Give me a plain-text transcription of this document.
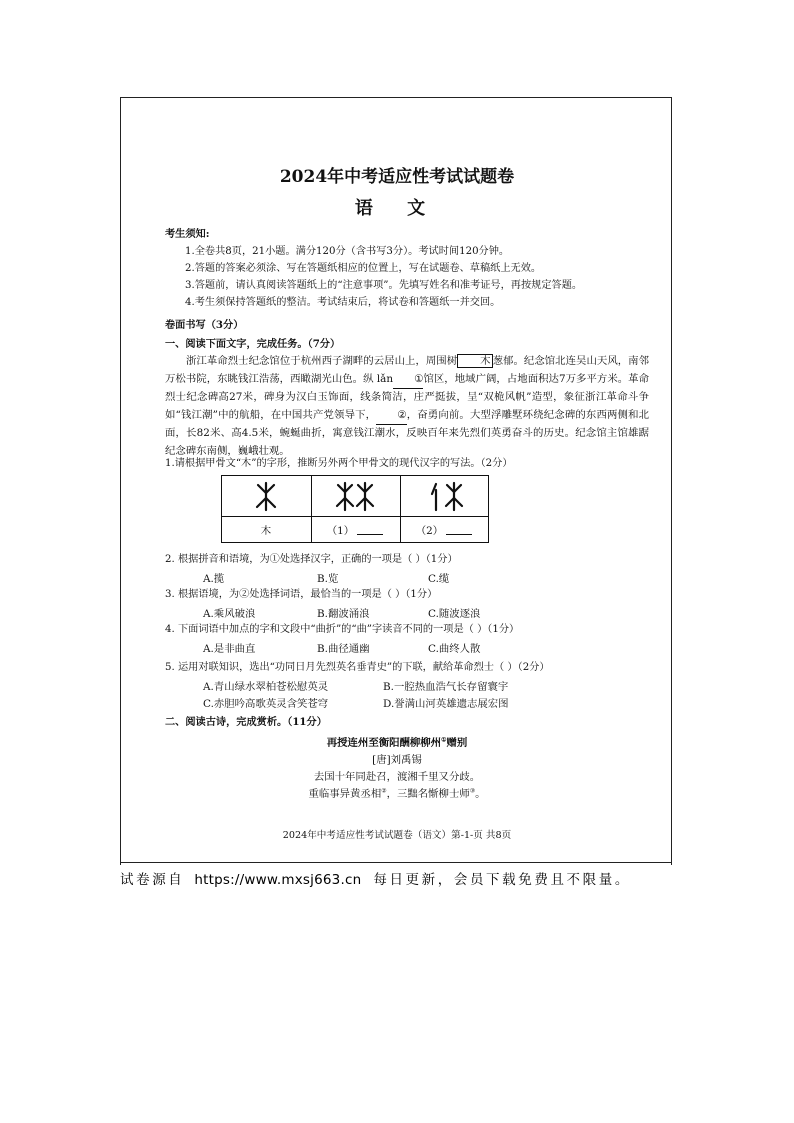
2024年中考适应性考试试题卷
语 文
考生须知:
1.全卷共8页，21小题。满分120分（含书写3分）。考试时间120分钟。
2.答题的答案必须涂、写在答题纸相应的位置上，写在试题卷、草稿纸上无效。
3.答题前，请认真阅读答题纸上的“注意事项”。先填写姓名和准考证号，再按规定答题。
4.考生须保持答题纸的整洁。考试结束后，将试卷和答题纸一并交回。
卷面书写（3分）
一、阅读下面文字，完成任务。（7分）
浙江革命烈士纪念馆位于杭州西子湖畔的云居山上，周围树 木 葱郁。纪念馆北连吴山天风，南邻万松书院，东眺钱江浩荡，西瞰湖光山色。纵 lǎn ①馆区，地域广阔，占地面积达7万多平方米。革命烈士纪念碑高27米，碑身为汉白玉饰面，线条简洁，庄严挺拔，呈“双桅风帆”造型，象征浙江革命斗争如“钱江潮”中的航船，在中国共产党领导下， ②，奋勇向前。大型浮雕墅环绕纪念碑的东西两侧和北面，长82米、高4.5米，蜿蜒曲折，寓意钱江潮水，反映百年来先烈们英勇奋斗的历史。纪念馆主馆雄踞纪念碑东南侧，巍峨壮观。
1.请根据甲骨文“木”的字形，推断另外两个甲骨文的现代汉字的写法。（2分）
木	（1）	（2）
2. 根据拼音和语境，为①处选择汉字，正确的一项是（ ）（1分）
A.揽	B.览	C.缆
3. 根据语境，为②处选择词语，最恰当的一项是（ ）（1分）
A.乘风破浪	B.翻波涌浪	C.随波逐浪
4. 下面词语中加点的字和文段中“曲折”的“曲”字读音不同的一项是（ ）（1分）
A.是非曲直	B.曲径通幽	C.曲终人散
5. 运用对联知识，选出“功同日月先烈英名垂青史”的下联，献给革命烈士（ ）（2分）
A.青山绿水翠柏苍松慰英灵	B.一腔热血浩气长存留寰宇
C.赤胆吟高歌英灵含笑苍穹	D.誉满山河英雄遗志展宏图
二、阅读古诗，完成赏析。（11分）
再授连州至衡阳酬柳柳州①赠别
[唐]刘禹锡
去国十年同赴召，渡湘千里又分歧。
重临事异黄丞相②，三黜名惭柳士师③。
2024年中考适应性考试试题卷（语文）第-1-页 共8页
试卷源自 https://www.mxsj663.cn 每日更新，会员下载免费且不限量。
